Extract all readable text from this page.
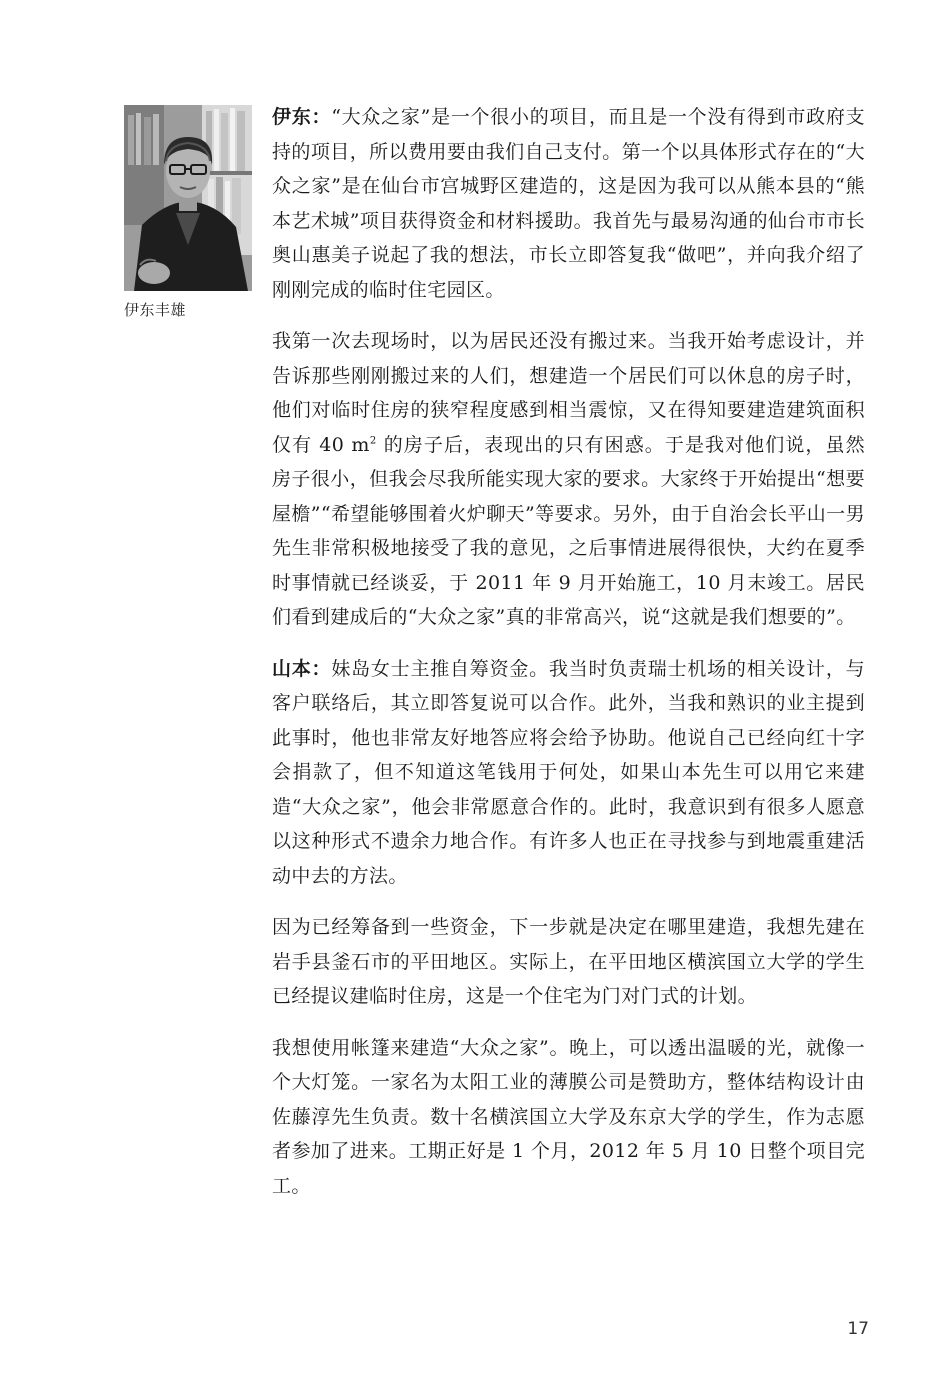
伊东丰雄

伊东：“大众之家”是一个很小的项目，而且是一个没有得到市政府支持的项目，所以费用要由我们自己支付。第一个以具体形式存在的“大众之家”是在仙台市宫城野区建造的，这是因为我可以从熊本县的“熊本艺术城”项目获得资金和材料援助。我首先与最易沟通的仙台市市长奥山惠美子说起了我的想法，市长立即答复我“做吧”，并向我介绍了刚刚完成的临时住宅园区。

我第一次去现场时，以为居民还没有搬过来。当我开始考虑设计，并告诉那些刚刚搬过来的人们，想建造一个居民们可以休息的房子时，他们对临时住房的狭窄程度感到相当震惊，又在得知要建造建筑面积仅有 40 $m^2$ 的房子后，表现出的只有困惑。于是我对他们说，虽然房子很小，但我会尽我所能实现大家的要求。大家终于开始提出“想要屋檐”“希望能够围着火炉聊天”等要求。另外，由于自治会长平山一男先生非常积极地接受了我的意见，之后事情进展得很快，大约在夏季时事情就已经谈妥，于 2011 年 9 月开始施工，10 月末竣工。居民们看到建成后的“大众之家”真的非常高兴，说“这就是我们想要的”。

山本：妹岛女士主推自筹资金。我当时负责瑞士机场的相关设计，与客户联络后，其立即答复说可以合作。此外，当我和熟识的业主提到此事时，他也非常友好地答应将会给予协助。他说自己已经向红十字会捐款了，但不知道这笔钱用于何处，如果山本先生可以用它来建造“大众之家”，他会非常愿意合作的。此时，我意识到有很多人愿意以这种形式不遗余力地合作。有许多人也正在寻找参与到地震重建活动中去的方法。

因为已经筹备到一些资金，下一步就是决定在哪里建造，我想先建在岩手县釜石市的平田地区。实际上，在平田地区横滨国立大学的学生已经提议建临时住房，这是一个住宅为门对门式的计划。

我想使用帐篷来建造“大众之家”。晚上，可以透出温暖的光，就像一个大灯笼。一家名为太阳工业的薄膜公司是赞助方，整体结构设计由佐藤淳先生负责。数十名横滨国立大学及东京大学的学生，作为志愿者参加了进来。工期正好是 1 个月，2012 年 5 月 10 日整个项目完工。

17
